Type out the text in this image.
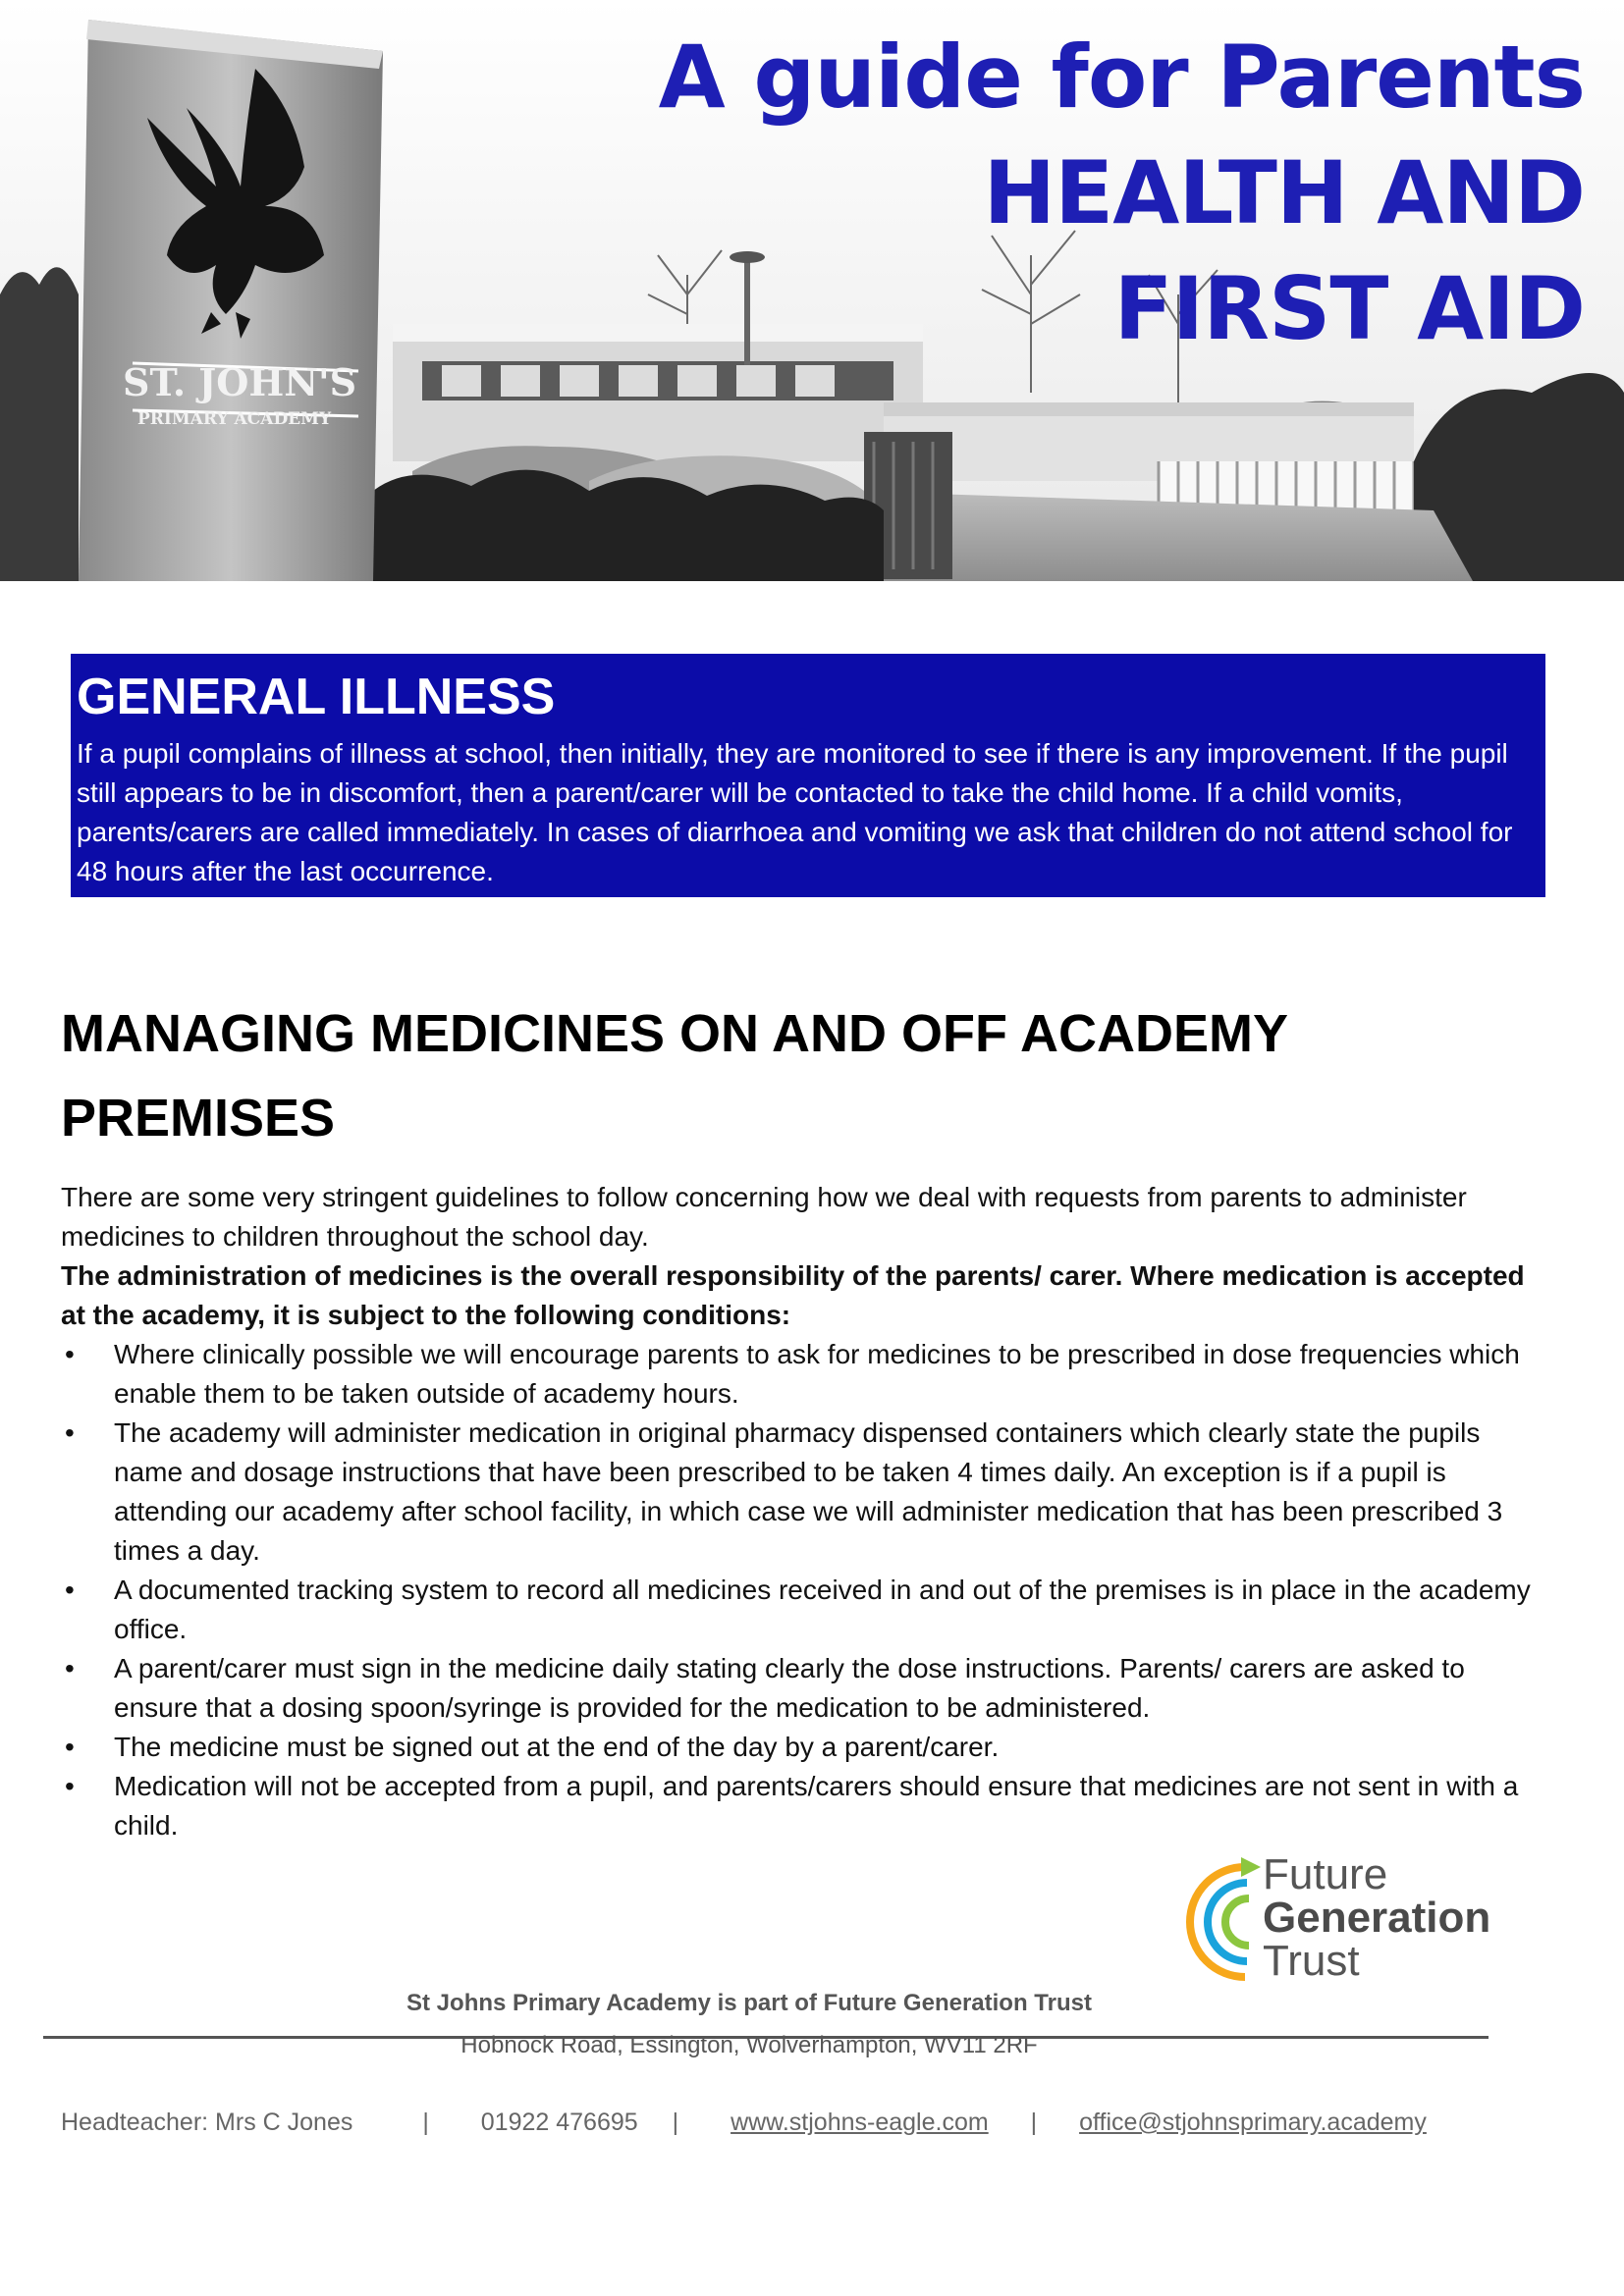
ST. JOHN'S
PRIMARY ACADEMY
A guide for Parents
HEALTH AND
FIRST AID
GENERAL ILLNESS

If a pupil complains of illness at school, then initially, they are monitored to see if there is any improvement. If the pupil still appears to be in discomfort, then a parent/carer will be contacted to take the child home. If a child vomits, parents/carers are called immediately. In cases of diarrhoea and vomiting we ask that children do not attend school for 48 hours after the last occurrence.

MANAGING MEDICINES ON AND OFF ACADEMY
PREMISES

There are some very stringent guidelines to follow concerning how we deal with requests from parents to administer medicines to children throughout the school day.

The administration of medicines is the overall responsibility of the parents/ carer. Where medication is accepted at the academy, it is subject to the following conditions:

• Where clinically possible we will encourage parents to ask for medicines to be prescribed in dose frequencies which enable them to be taken outside of academy hours.
• The academy will administer medication in original pharmacy dispensed containers which clearly state the pupils name and dosage instructions that have been prescribed to be taken 4 times daily. An exception is if a pupil is attending our academy after school facility, in which case we will administer medication that has been prescribed 3 times a day.
• A documented tracking system to record all medicines received in and out of the premises is in place in the academy office.
• A parent/carer must sign in the medicine daily stating clearly the dose instructions. Parents/ carers are asked to ensure that a dosing spoon/syringe is provided for the medication to be administered.
• The medicine must be signed out at the end of the day by a parent/carer.
• Medication will not be accepted from a pupil, and parents/carers should ensure that medicines are not sent in with a child.
Future
Generation
Trust
St Johns Primary Academy is part of Future Generation Trust
Hobnock Road, Essington, Wolverhampton, WV11 2RF
Headteacher: Mrs C Jones	| 01922 476695 | www.stjohns-eagle.com | office@stjohnsprimary.academy
